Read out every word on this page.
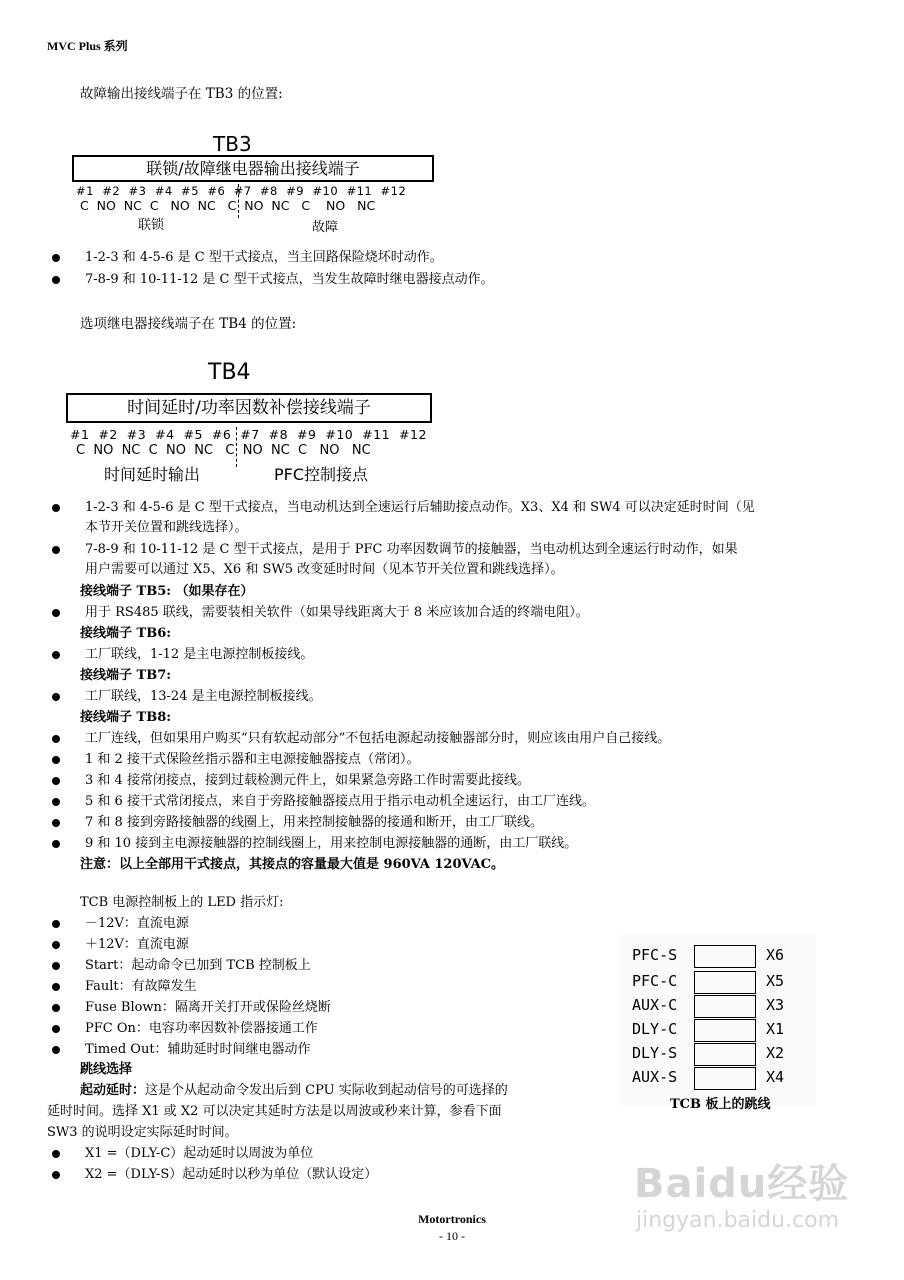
MVC Plus 系列
故障输出接线端子在 TB3 的位置:
TB3
联锁/故障继电器输出接线端子
#1  #2  #3  #4  #5  #6  #7  #8  #9  #10  #11  #12
C  NO  NC  C   NO  NC   C  NO  NC   C    NO   NC
联锁	故障
1-2-3 和 4-5-6 是 C 型干式接点，当主回路保险烧坏时动作。
7-8-9 和 10-11-12 是 C 型干式接点，当发生故障时继电器接点动作。
选项继电器接线端子在 TB4 的位置:
TB4
时间延时/功率因数补偿接线端子
#1  #2  #3  #4  #5  #6  #7  #8  #9  #10  #11  #12
C  NO  NC  C  NO  NC   C  NO  NC  C   NO   NC
时间延时输出	PFC控制接点
1-2-3 和 4-5-6 是 C 型干式接点，当电动机达到全速运行后辅助接点动作。X3、X4 和 SW4 可以决定延时时间（见
本节开关位置和跳线选择）。
7-8-9 和 10-11-12 是 C 型干式接点，是用于 PFC 功率因数调节的接触器，当电动机达到全速运行时动作，如果
用户需要可以通过 X5、X6 和 SW5 改变延时时间（见本节开关位置和跳线选择）。
接线端子 TB5: （如果存在）
用于 RS485 联线，需要装相关软件（如果导线距离大于 8 米应该加合适的终端电阻）。
接线端子 TB6:
工厂联线，1-12 是主电源控制板接线。
接线端子 TB7:
工厂联线，13-24 是主电源控制板接线。
接线端子 TB8:
工厂连线，但如果用户购买“只有软起动部分”不包括电源起动接触器部分时，则应该由用户自己接线。
1 和 2 接干式保险丝指示器和主电源接触器接点（常闭）。
3 和 4 接常闭接点，接到过载检测元件上，如果紧急旁路工作时需要此接线。
5 和 6 接干式常闭接点，来自于旁路接触器接点用于指示电动机全速运行，由工厂连线。
7 和 8 接到旁路接触器的线圈上，用来控制接触器的接通和断开，由工厂联线。
9 和 10 接到主电源接触器的控制线圈上，用来控制电源接触器的通断，由工厂联线。
注意：以上全部用干式接点，其接点的容量最大值是 960VA 120VAC。
TCB 电源控制板上的 LED 指示灯:
－12V：直流电源
＋12V：直流电源
Start：起动命令已加到 TCB 控制板上
Fault：有故障发生
Fuse Blown：隔离开关打开或保险丝烧断
PFC On：电容功率因数补偿器接通工作
Timed Out：辅助延时时间继电器动作
跳线选择
起动延时：这是个从起动命令发出后到 CPU 实际收到起动信号的可选择的
延时时间。选择 X1 或 X2 可以决定其延时方法是以周波或秒来计算，参看下面
SW3 的说明设定实际延时时间。
X1 =（DLY-C）起动延时以周波为单位
X2 =（DLY-S）起动延时以秒为单位（默认设定）
PFC-S	X6
PFC-C	X5
AUX-C	X3
DLY-C	X1
DLY-S	X2
AUX-S	X4
TCB 板上的跳线
Baidu经验
jingyan.baidu.com
Motortronics
- 10 -
